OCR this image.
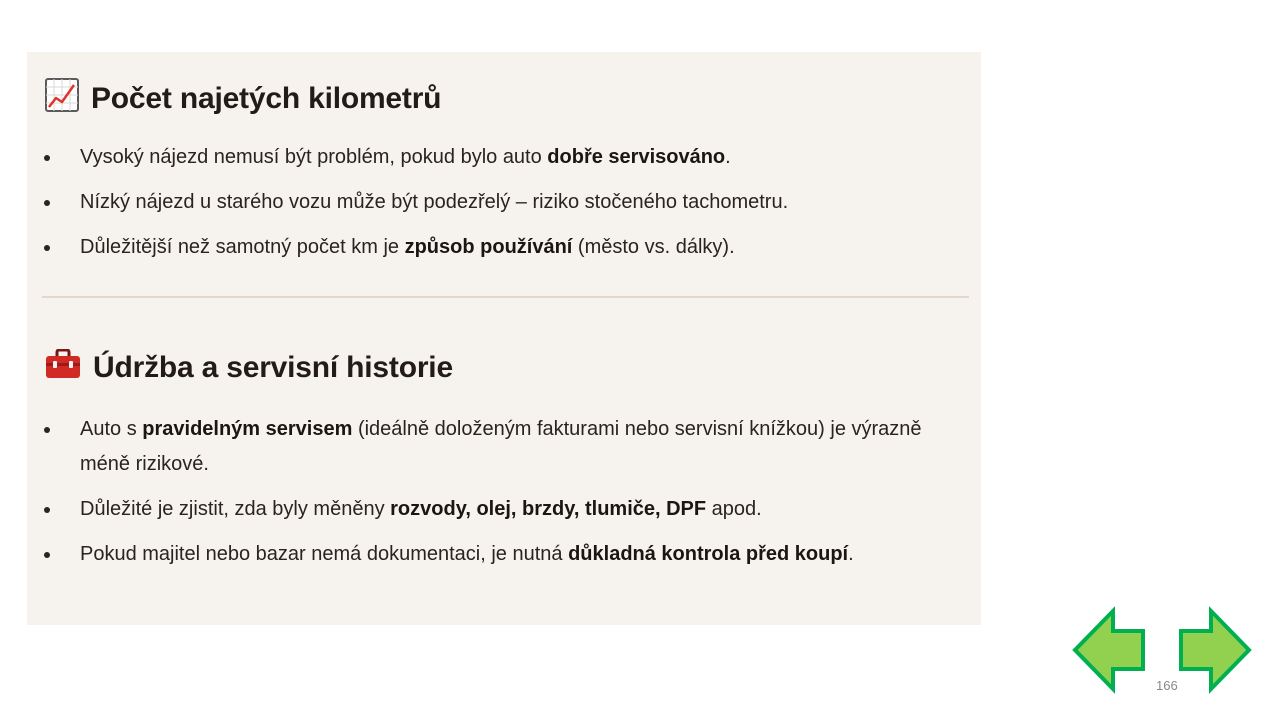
Počet najetých kilometrů
Vysoký nájezd nemusí být problém, pokud bylo auto dobře servisováno.
Nízký nájezd u starého vozu může být podezřelý – riziko stočeného tachometru.
Důležitější než samotný počet km je způsob používání (město vs. dálky).
Údržba a servisní historie
Auto s pravidelným servisem (ideálně doloženým fakturami nebo servisní knížkou) je výrazně méně rizikové.
Důležité je zjistit, zda byly měněny rozvody, olej, brzdy, tlumiče, DPF apod.
Pokud majitel nebo bazar nemá dokumentaci, je nutná důkladná kontrola před koupí.
166
